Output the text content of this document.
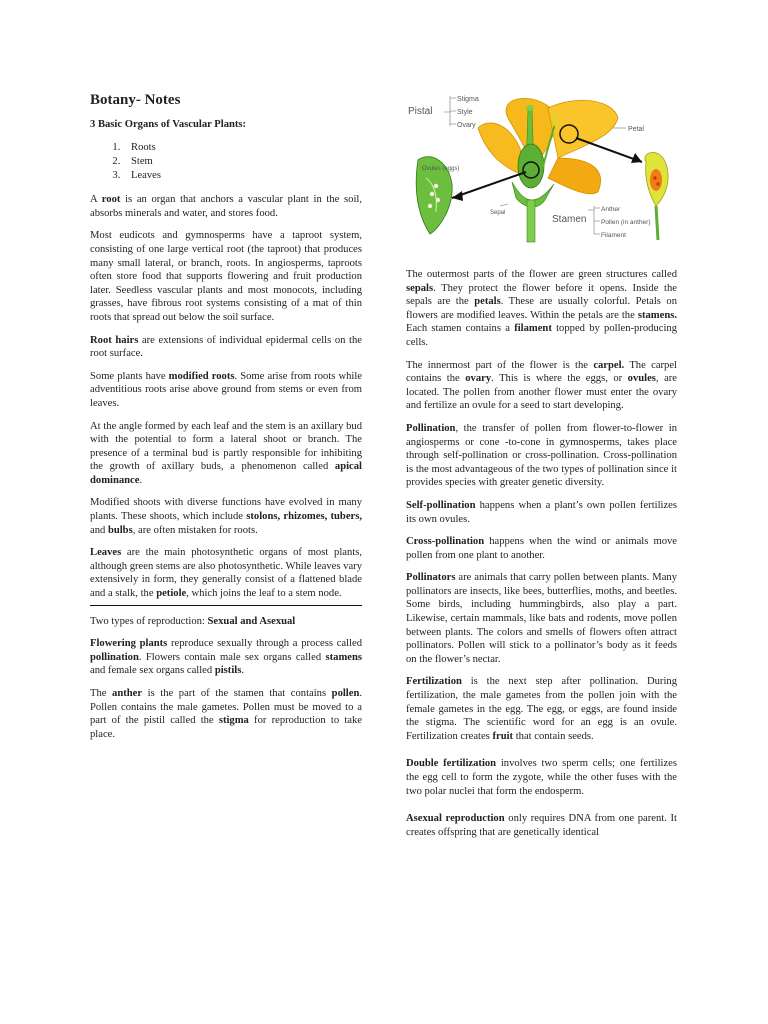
Botany- Notes

3 Basic Organs of Vascular Plants:

1. Roots
2. Stem
3. Leaves

A root is an organ that anchors a vascular plant in the soil, absorbs minerals and water, and stores food.

Most eudicots and gymnosperms have a taproot system, consisting of one large vertical root (the taproot) that produces many small lateral, or branch, roots. In angiosperms, taproots often store food that supports flowering and fruit production later. Seedless vascular plants and most monocots, including grasses, have fibrous root systems consisting of a mat of thin roots that spread out below the soil surface.

Root hairs are extensions of individual epidermal cells on the root surface.

Some plants have modified roots. Some arise from roots while adventitious roots arise above ground from stems or even from leaves.

At the angle formed by each leaf and the stem is an axillary bud with the potential to form a lateral shoot or branch. The presence of a terminal bud is partly responsible for inhibiting the growth of axillary buds, a phenomenon called apical dominance.

Modified shoots with diverse functions have evolved in many plants. These shoots, which include stolons, rhizomes, tubers, and bulbs, are often mistaken for roots.

Leaves are the main photosynthetic organs of most plants, although green stems are also photosynthetic. While leaves vary extensively in form, they generally consist of a flattened blade and a stalk, the petiole, which joins the leaf to a stem node.

Two types of reproduction: Sexual and Asexual

Flowering plants reproduce sexually through a process called pollination. Flowers contain male sex organs called stamens and female sex organs called pistils.

The anther is the part of the stamen that contains pollen. Pollen contains the male gametes. Pollen must be moved to a part of the pistil called the stigma for reproduction to take place.

Pistal
Stigma
Style
Ovary
Ovules (eggs)
Petal
Sepal
Stamen
Anther
Pollen (in anther)
Filament

The outermost parts of the flower are green structures called sepals. They protect the flower before it opens. Inside the sepals are the petals. These are usually colorful. Petals on flowers are modified leaves. Within the petals are the stamens. Each stamen contains a filament topped by pollen-producing cells.

The innermost part of the flower is the carpel. The carpel contains the ovary. This is where the eggs, or ovules, are located. The pollen from another flower must enter the ovary and fertilize an ovule for a seed to start developing.

Pollination, the transfer of pollen from flower-to-flower in angiosperms or cone -to-cone in gymnosperms, takes place through self-pollination or cross-pollination. Cross-pollination is the most advantageous of the two types of pollination since it provides species with greater genetic diversity.

Self-pollination happens when a plant’s own pollen fertilizes its own ovules.

Cross-pollination happens when the wind or animals move pollen from one plant to another.

Pollinators are animals that carry pollen between plants. Many pollinators are insects, like bees, butterflies, moths, and beetles. Some birds, including hummingbirds, also play a part. Likewise, certain mammals, like bats and rodents, move pollen between plants. The colors and smells of flowers often attract pollinators. Pollen will stick to a pollinator’s body as it feeds on the flower’s nectar.

Fertilization is the next step after pollination. During fertilization, the male gametes from the pollen join with the female gametes in the egg. The egg, or eggs, are found inside the stigma. The scientific word for an egg is an ovule. Fertilization creates fruit that contain seeds.

Double fertilization involves two sperm cells; one fertilizes the egg cell to form the zygote, while the other fuses with the two polar nuclei that form the endosperm.

Asexual reproduction only requires DNA from one parent. It creates offspring that are genetically identical
